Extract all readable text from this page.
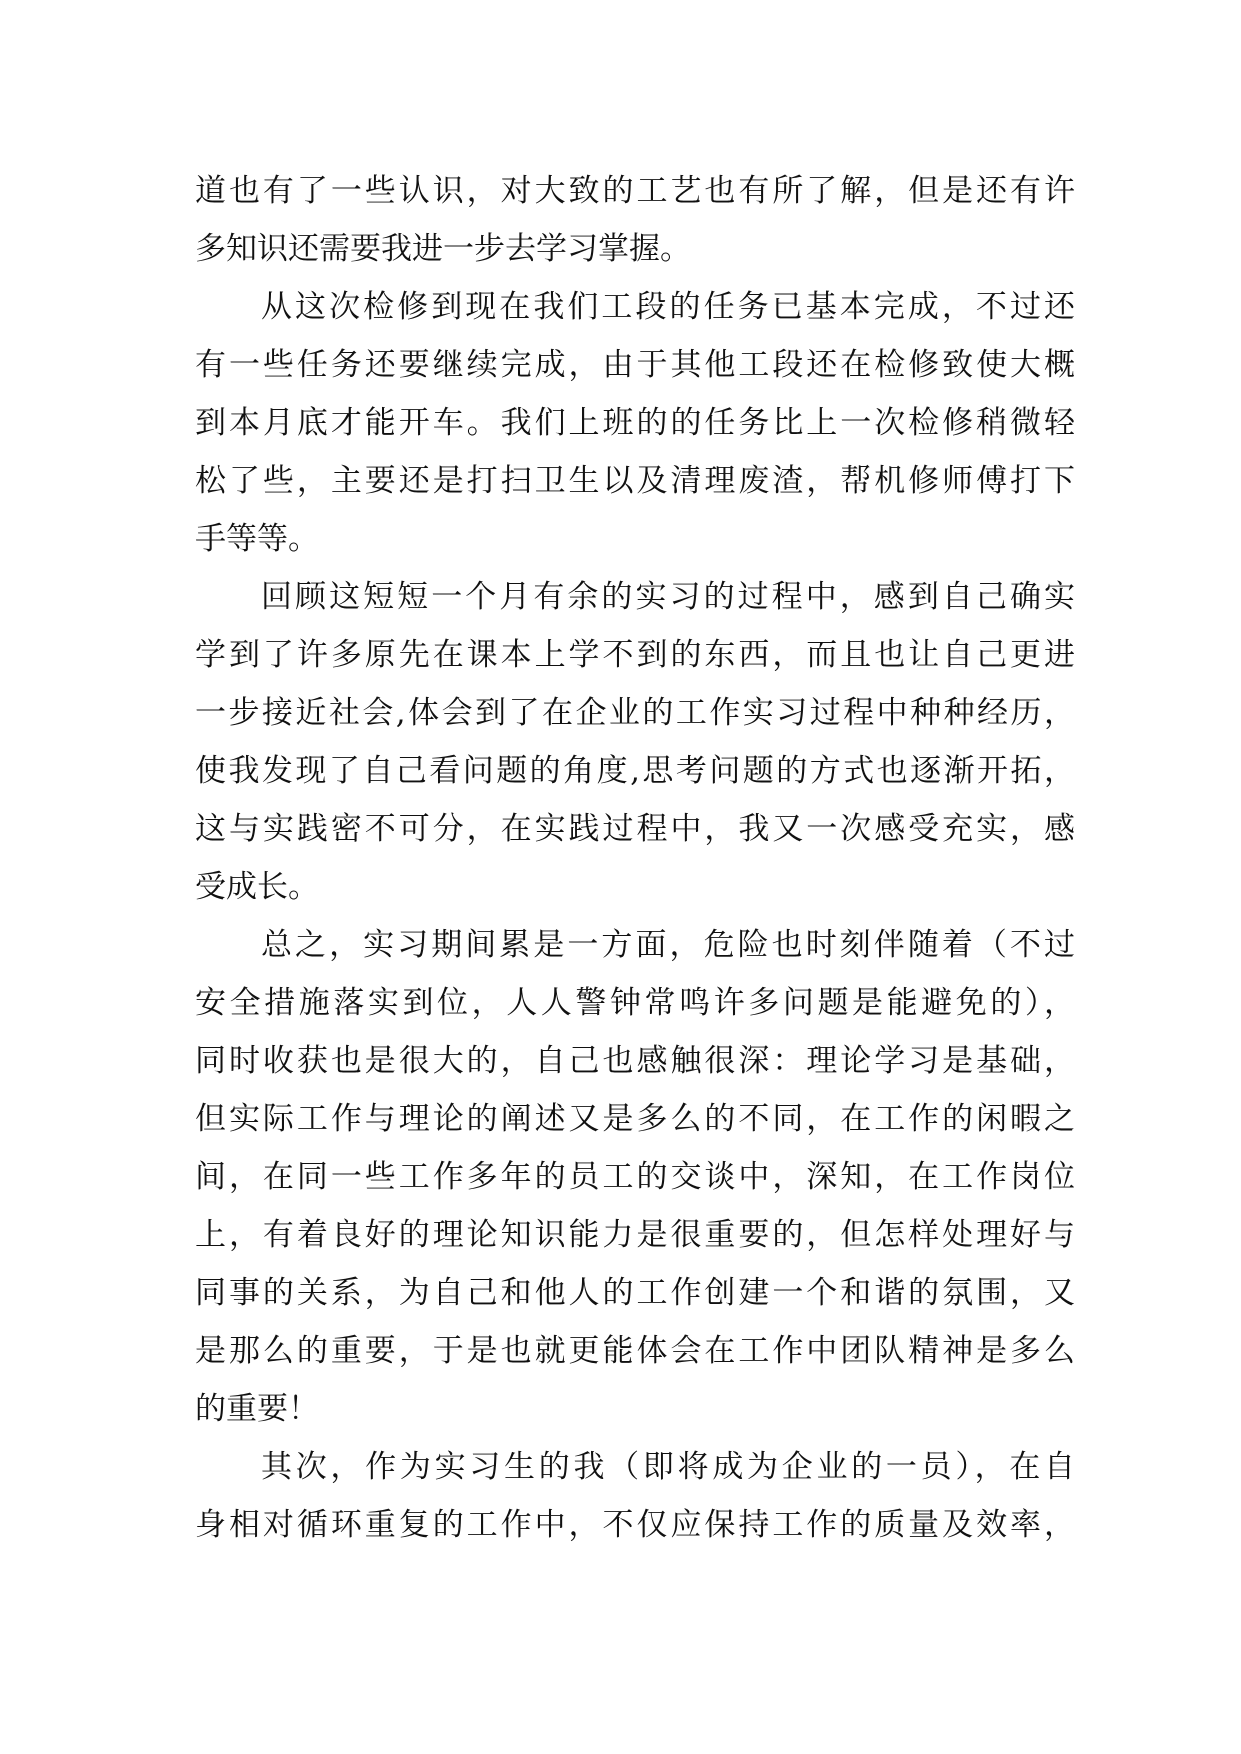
道也有了一些认识，对大致的工艺也有所了解，但是还有许
多知识还需要我进一步去学习掌握。
从这次检修到现在我们工段的任务已基本完成，不过还
有一些任务还要继续完成，由于其他工段还在检修致使大概
到本月底才能开车。我们上班的的任务比上一次检修稍微轻
松了些，主要还是打扫卫生以及清理废渣，帮机修师傅打下
手等等。
回顾这短短一个月有余的实习的过程中，感到自己确实
学到了许多原先在课本上学不到的东西，而且也让自己更进
一步接近社会,体会到了在企业的工作实习过程中种种经历，
使我发现了自己看问题的角度,思考问题的方式也逐渐开拓，
这与实践密不可分，在实践过程中，我又一次感受充实，感
受成长。
总之，实习期间累是一方面，危险也时刻伴随着（不过
安全措施落实到位，人人警钟常鸣许多问题是能避免的），
同时收获也是很大的，自己也感触很深：理论学习是基础，
但实际工作与理论的阐述又是多么的不同，在工作的闲暇之
间，在同一些工作多年的员工的交谈中，深知，在工作岗位
上，有着良好的理论知识能力是很重要的，但怎样处理好与
同事的关系，为自己和他人的工作创建一个和谐的氛围，又
是那么的重要，于是也就更能体会在工作中团队精神是多么
的重要！
其次，作为实习生的我（即将成为企业的一员），在自
身相对循环重复的工作中，不仅应保持工作的质量及效率，
